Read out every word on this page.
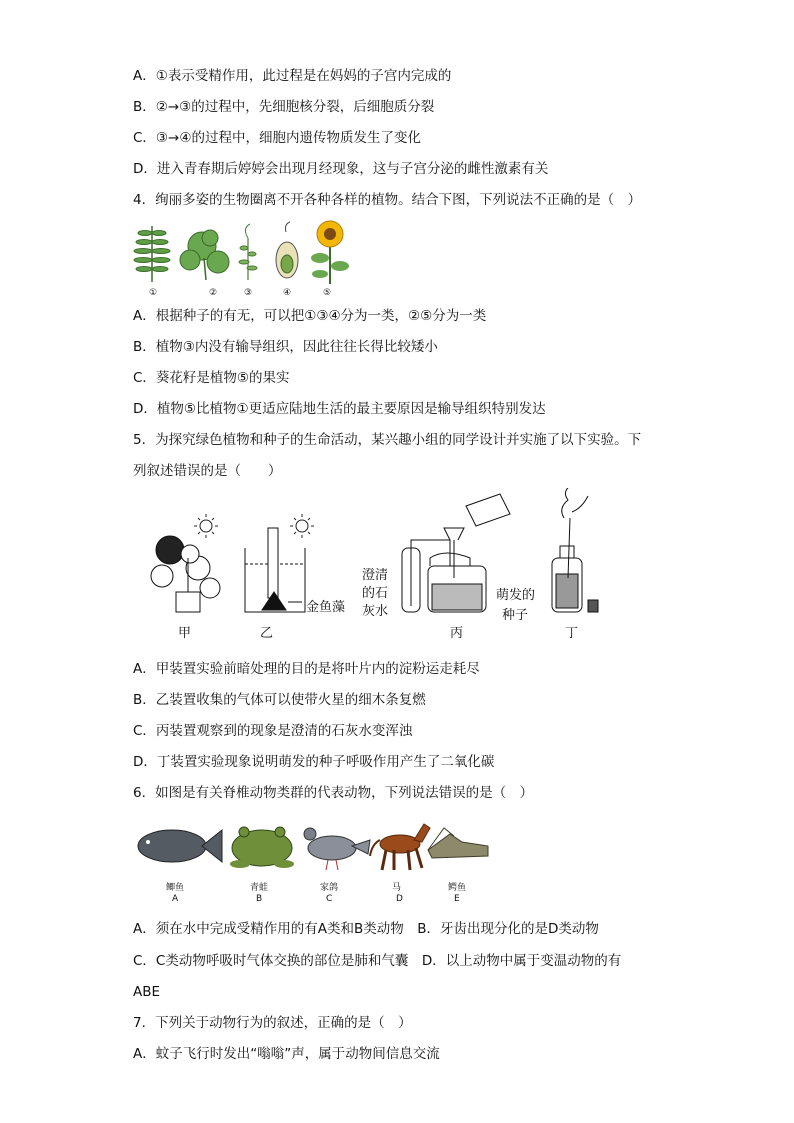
A．①表示受精作用，此过程是在妈妈的子宫内完成的
B．②→③的过程中，先细胞核分裂，后细胞质分裂
C．③→④的过程中，细胞内遗传物质发生了变化
D．进入青春期后婷婷会出现月经现象，这与子宫分泌的雌性激素有关
4．绚丽多姿的生物圈离不开各种各样的植物。结合下图，下列说法不正确的是（　）
①	②	③	④	⑤
A．根据种子的有无，可以把①③④分为一类，②⑤分为一类
B．植物③内没有输导组织，因此往往长得比较矮小
C．葵花籽是植物⑤的果实
D．植物⑤比植物①更适应陆地生活的最主要原因是输导组织特别发达
5．为探究绿色植物和种子的生命活动，某兴趣小组的同学设计并实施了以下实验。下
列叙述错误的是（　　）
金鱼藻
澄清
的石
灰水
萌发的
种子
甲	乙	丙	丁
A．甲装置实验前暗处理的目的是将叶片内的淀粉运走耗尽
B．乙装置收集的气体可以使带火星的细木条复燃
C．丙装置观察到的现象是澄清的石灰水变浑浊
D．丁装置实验现象说明萌发的种子呼吸作用产生了二氧化碳
6．如图是有关脊椎动物类群的代表动物，下列说法错误的是（　）
鲫鱼	青蛙	家鸽	马	鳄鱼
A	B	C	D	E
A．须在水中完成受精作用的有A类和B类动物　B．牙齿出现分化的是D类动物
C．C类动物呼吸时气体交换的部位是肺和气囊　D．以上动物中属于变温动物的有
ABE
7．下列关于动物行为的叙述，正确的是（　）
A．蚊子飞行时发出“嗡嗡”声，属于动物间信息交流
